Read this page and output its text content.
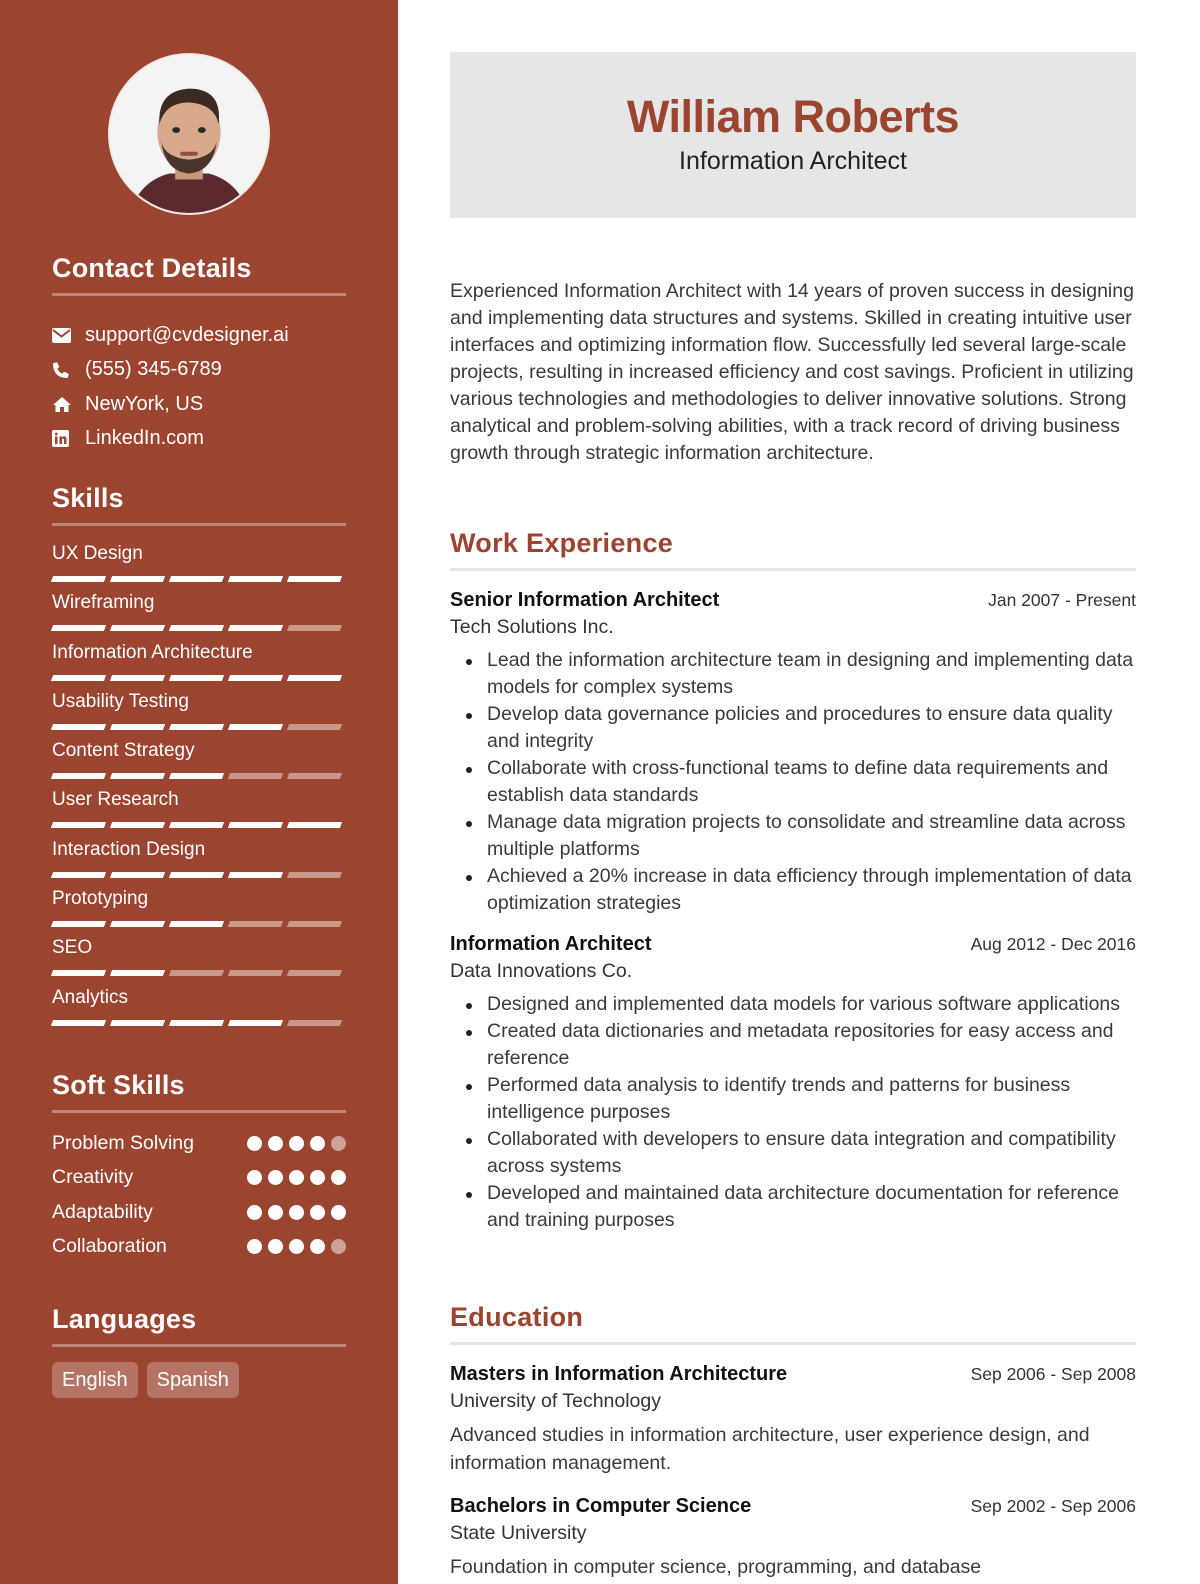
Contact Details
support@cvdesigner.ai
(555) 345-6789
NewYork, US
LinkedIn.com
Skills
UX Design
Wireframing
Information Architecture
Usability Testing
Content Strategy
User Research
Interaction Design
Prototyping
SEO
Analytics
Soft Skills
Problem Solving
Creativity
Adaptability
Collaboration
Languages
English	Spanish
William Roberts
Information Architect

Experienced Information Architect with 14 years of proven success in designing and implementing data structures and systems. Skilled in creating intuitive user interfaces and optimizing information flow. Successfully led several large-scale projects, resulting in increased efficiency and cost savings. Proficient in utilizing various technologies and methodologies to deliver innovative solutions. Strong analytical and problem-solving abilities, with a track record of driving business growth through strategic information architecture.

Work Experience
Senior Information Architect	Jan 2007 - Present
Tech Solutions Inc.
Lead the information architecture team in designing and implementing data models for complex systems
Develop data governance policies and procedures to ensure data quality and integrity
Collaborate with cross-functional teams to define data requirements and establish data standards
Manage data migration projects to consolidate and streamline data across multiple platforms
Achieved a 20% increase in data efficiency through implementation of data optimization strategies
Information Architect	Aug 2012 - Dec 2016
Data Innovations Co.
Designed and implemented data models for various software applications
Created data dictionaries and metadata repositories for easy access and reference
Performed data analysis to identify trends and patterns for business intelligence purposes
Collaborated with developers to ensure data integration and compatibility across systems
Developed and maintained data architecture documentation for reference and training purposes
Education
Masters in Information Architecture	Sep 2006 - Sep 2008
University of Technology

Advanced studies in information architecture, user experience design, and information management.

Bachelors in Computer Science	Sep 2002 - Sep 2006
State University

Foundation in computer science, programming, and database
